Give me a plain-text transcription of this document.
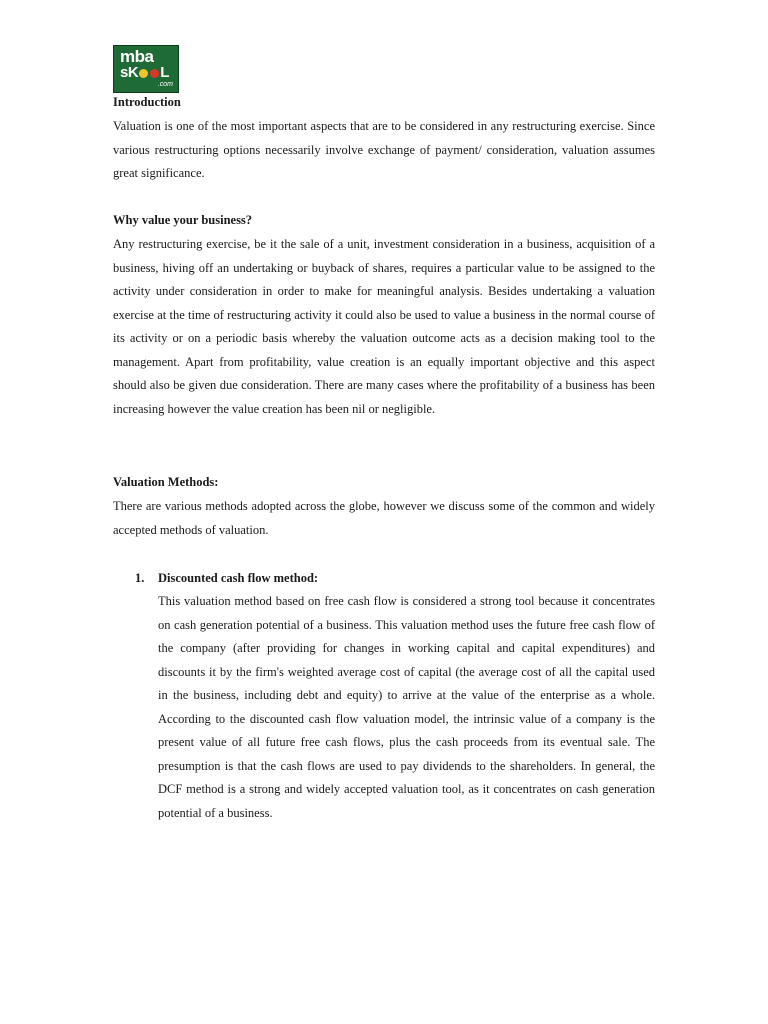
mba
sK L
.com
Introduction
Valuation is one of the most important aspects that are to be considered in any restructuring exercise. Since various restructuring options necessarily involve exchange of payment/ consideration, valuation assumes great significance.
Why value your business?
Any restructuring exercise, be it the sale of a unit, investment consideration in a business, acquisition of a business, hiving off an undertaking or buyback of shares, requires a particular value to be assigned to the activity under consideration in order to make for meaningful analysis. Besides undertaking a valuation exercise at the time of restructuring activity it could also be used to value a business in the normal course of its activity or on a periodic basis whereby the valuation outcome acts as a decision making tool to the management. Apart from profitability, value creation is an equally important objective and this aspect should also be given due consideration. There are many cases where the profitability of a business has been increasing however the value creation has been nil or negligible.
Valuation Methods:
There are various methods adopted across the globe, however we discuss some of the common and widely accepted methods of valuation.
1. Discounted cash flow method:
This valuation method based on free cash flow is considered a strong tool because it concentrates on cash generation potential of a business. This valuation method uses the future free cash flow of the company (after providing for changes in working capital and capital expenditures) and discounts it by the firm's weighted average cost of capital (the average cost of all the capital used in the business, including debt and equity) to arrive at the value of the enterprise as a whole. According to the discounted cash flow valuation model, the intrinsic value of a company is the present value of all future free cash flows, plus the cash proceeds from its eventual sale. The presumption is that the cash flows are used to pay dividends to the shareholders. In general, the DCF method is a strong and widely accepted valuation tool, as it concentrates on cash generation potential of a business.
